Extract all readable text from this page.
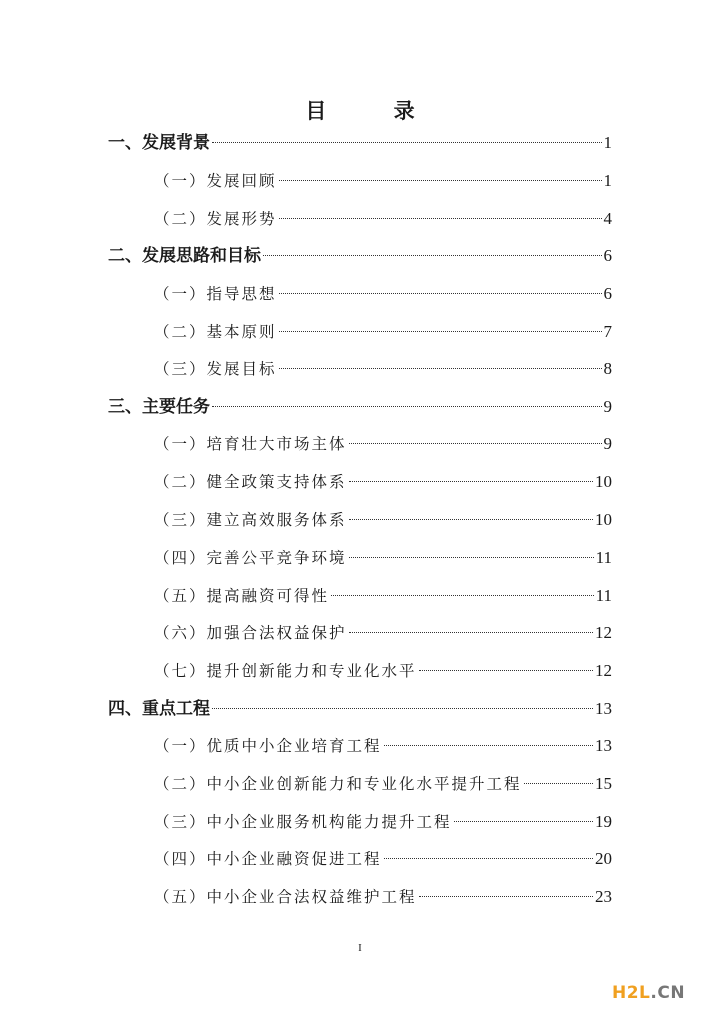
目 录
一、发展背景	1
（一）发展回顾	1
（二）发展形势	4
二、发展思路和目标	6
（一）指导思想	6
（二）基本原则	7
（三）发展目标	8
三、主要任务	9
（一）培育壮大市场主体	9
（二）健全政策支持体系	10
（三）建立高效服务体系	10
（四）完善公平竞争环境	11
（五）提高融资可得性	11
（六）加强合法权益保护	12
（七）提升创新能力和专业化水平	12
四、重点工程	13
（一）优质中小企业培育工程	13
（二）中小企业创新能力和专业化水平提升工程	15
（三）中小企业服务机构能力提升工程	19
（四）中小企业融资促进工程	20
（五）中小企业合法权益维护工程	23
I
H2L.CN
